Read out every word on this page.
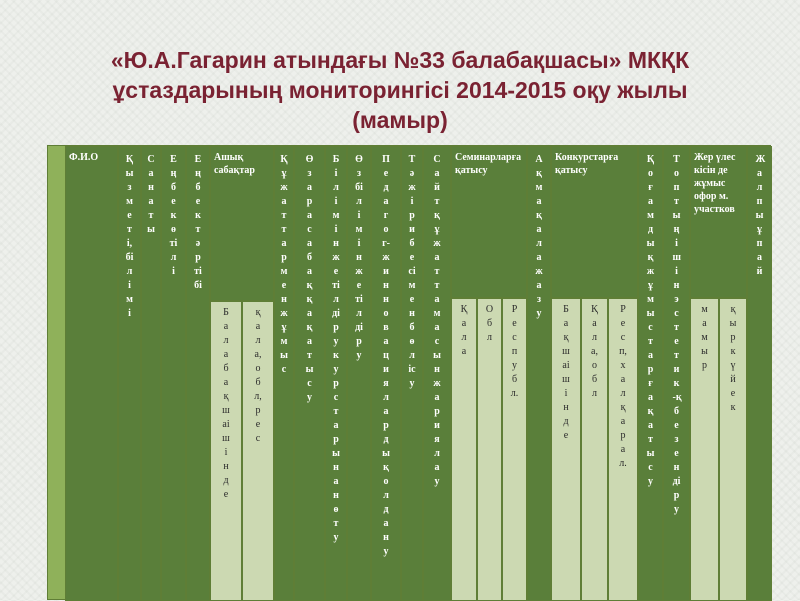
«Ю.А.Гагарин атындағы №33 балабақшасы» МКҚК
ұстаздарының мониторингісі 2014-2015 оқу жылы
(мамыр)
Ф.И.О	Қызметі,білімі
Санаты
Еңбекөтілі
Еңбектәртібі
Ашық сабақтар
Балабақшаішінде
қала,обл,рес
Құжаттармен жұмыс
Өзара сабаққа қатысу
Білімін жетілдіру курстарынан өту
Өз білімін жетілдіру
Педагог-жинновацияларды қолдану
Тәжірибесімен бөлісу
Сайт құжаттамасын жариялау
Семинарларға қатысу
Қала
Обл
Республ.
Ақмақалажазу
Конкурстарға қатысу
Бақшаішінде
Қала,обл
Респ,халқарал.
Қоғамдық жұмыстарға қатысу
Топтың ішін эстетик-қбезендіру
Жер үлес кісін де жұмыс офор м. участков
мамыр
қыркүйек
Жалпы ұпай
